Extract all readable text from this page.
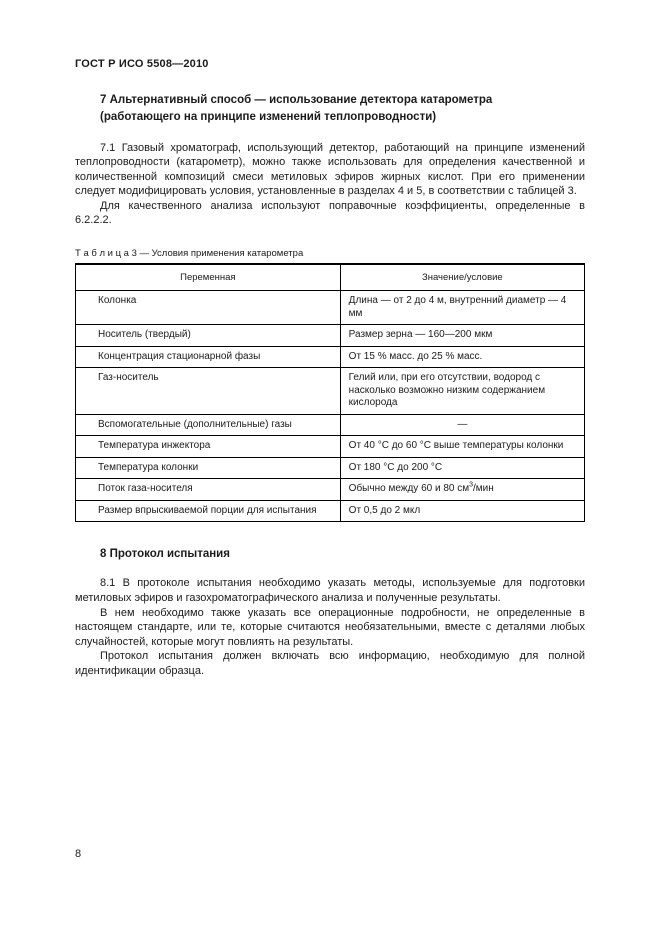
ГОСТ Р ИСО 5508—2010
7 Альтернативный способ — использование детектора катарометра
(работающего на принципе изменений теплопроводности)

7.1 Газовый хроматограф, использующий детектор, работающий на принципе изменений теплопроводности (катарометр), можно также использовать для определения качественной и количественной композиций смеси метиловых эфиров жирных кислот. При его применении следует модифицировать условия, установленные в разделах 4 и 5, в соответствии с таблицей 3.

Для качественного анализа используют поправочные коэффициенты, определенные в 6.2.2.2.

Т а б л и ц а 3 — Условия применения катарометра
Переменная	Значение/условие
Колонка	Длина — от 2 до 4 м, внутренний диаметр — 4 мм
Носитель (твердый)	Размер зерна — 160—200 мкм
Концентрация стационарной фазы	От 15 % масс. до 25 % масс.
Газ-носитель	Гелий или, при его отсутствии, водород с насколько возможно низким содержанием кислорода
Вспомогательные (дополнительные) газы	—
Температура инжектора	От 40 °С до 60 °С выше температуры колонки
Температура колонки	От 180 °С до 200 °С
Поток газа-носителя	Обычно между 60 и 80 $см^3$/мин
Размер впрыскиваемой порции для испытания	От 0,5 до 2 мкл
8 Протокол испытания

8.1 В протоколе испытания необходимо указать методы, используемые для подготовки метиловых эфиров и газохроматографического анализа и полученные результаты.

В нем необходимо также указать все операционные подробности, не определенные в настоящем стандарте, или те, которые считаются необязательными, вместе с деталями любых случайностей, которые могут повлиять на результаты.

Протокол испытания должен включать всю информацию, необходимую для полной идентификации образца.

8
